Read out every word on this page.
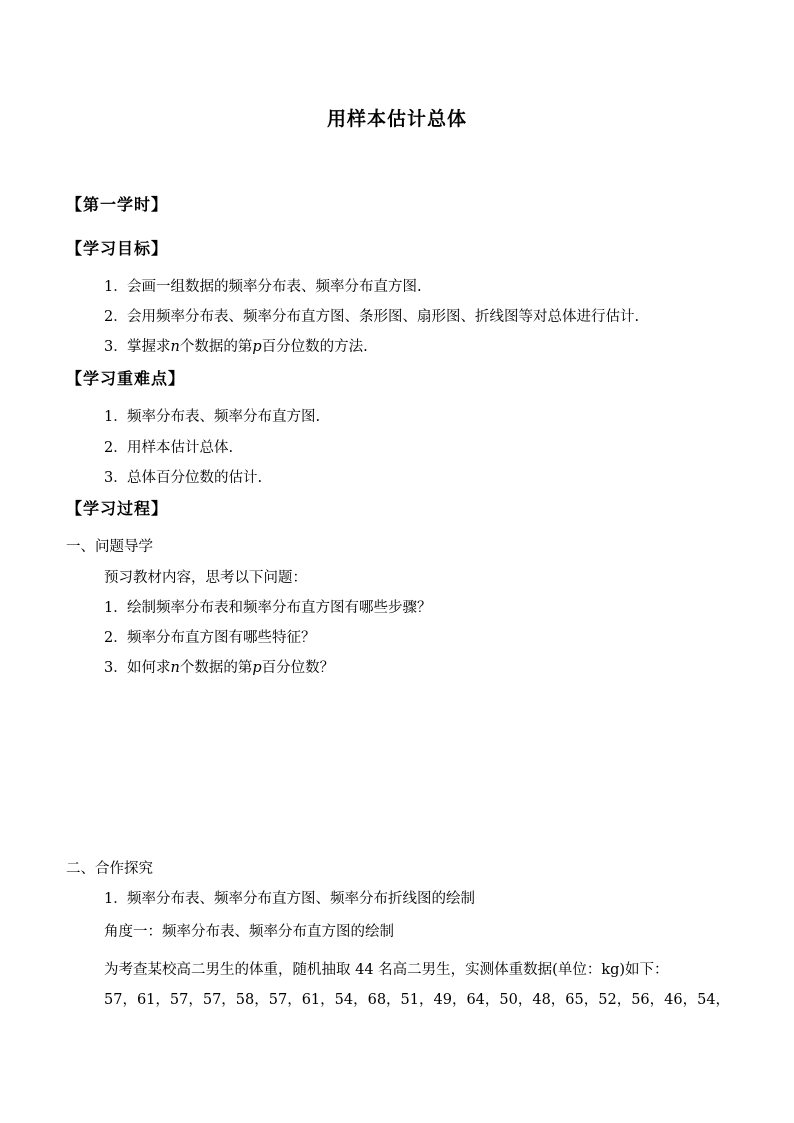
用样本估计总体
【第一学时】
【学习目标】
1．会画一组数据的频率分布表、频率分布直方图.
2．会用频率分布表、频率分布直方图、条形图、扇形图、折线图等对总体进行估计.
3．掌握求n个数据的第p百分位数的方法.
【学习重难点】
1．频率分布表、频率分布直方图.
2．用样本估计总体.
3．总体百分位数的估计.
【学习过程】
一、问题导学
预习教材内容，思考以下问题：
1．绘制频率分布表和频率分布直方图有哪些步骤？
2．频率分布直方图有哪些特征？
3．如何求n个数据的第p百分位数？
二、合作探究
1．频率分布表、频率分布直方图、频率分布折线图的绘制
角度一：频率分布表、频率分布直方图的绘制
为考查某校高二男生的体重，随机抽取 44 名高二男生，实测体重数据(单位：kg)如下：
57，61，57，57，58，57，61，54，68，51，49，64，50，48，65，52，56，46，54，
